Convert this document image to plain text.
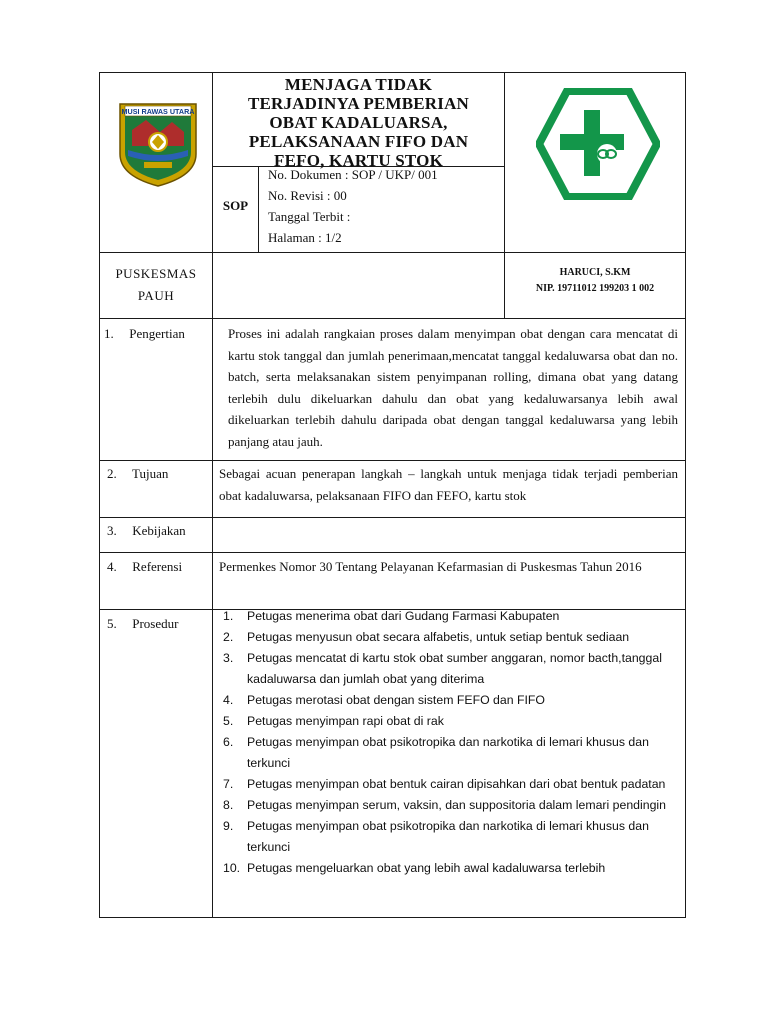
MUSI RAWAS UTARA
MENJAGA TIDAK
TERJADINYA PEMBERIAN
OBAT KADALUARSA,
PELAKSANAAN FIFO DAN
FEFO, KARTU STOK
SOP
No. Dokumen : SOP / UKP/ 001
No. Revisi : 00
Tanggal Terbit :
Halaman : 1/2
PUSKESMAS
PAUH
HARUCI, S.KM
NIP. 19711012 199203 1 002
1. Pengertian	Proses ini adalah rangkaian proses dalam menyimpan obat dengan cara mencatat di kartu stok tanggal dan jumlah penerimaan,mencatat tanggal kedaluwarsa obat dan no. batch, serta melaksanakan sistem penyimpanan rolling, dimana obat yang datang terlebih dulu dikeluarkan dahulu dan obat yang kedaluwarsanya lebih awal dikeluarkan terlebih dahulu daripada obat dengan tanggal kedaluwarsa yang lebih panjang atau jauh.
2. Tujuan	Sebagai acuan penerapan langkah – langkah untuk menjaga tidak terjadi pemberian obat kadaluwarsa, pelaksanaan FIFO dan FEFO, kartu stok
3. Kebijakan
4. Referensi	Permenkes Nomor 30 Tentang Pelayanan Kefarmasian di Puskesmas Tahun 2016
5. Prosedur	1. Petugas menerima obat dari Gudang Farmasi Kabupaten
2. Petugas menyusun obat secara alfabetis, untuk setiap bentuk sediaan
3. Petugas mencatat di kartu stok obat sumber anggaran, nomor bacth,tanggal kadaluwarsa dan jumlah obat yang diterima
4. Petugas merotasi obat dengan sistem FEFO dan FIFO
5. Petugas menyimpan rapi obat di rak
6. Petugas menyimpan obat psikotropika dan narkotika di lemari khusus dan terkunci
7. Petugas menyimpan obat bentuk cairan dipisahkan dari obat bentuk padatan
8. Petugas menyimpan serum, vaksin, dan suppositoria dalam lemari pendingin
9. Petugas menyimpan obat psikotropika dan narkotika di lemari khusus dan terkunci
10. Petugas mengeluarkan obat yang lebih awal kadaluwarsa terlebih
